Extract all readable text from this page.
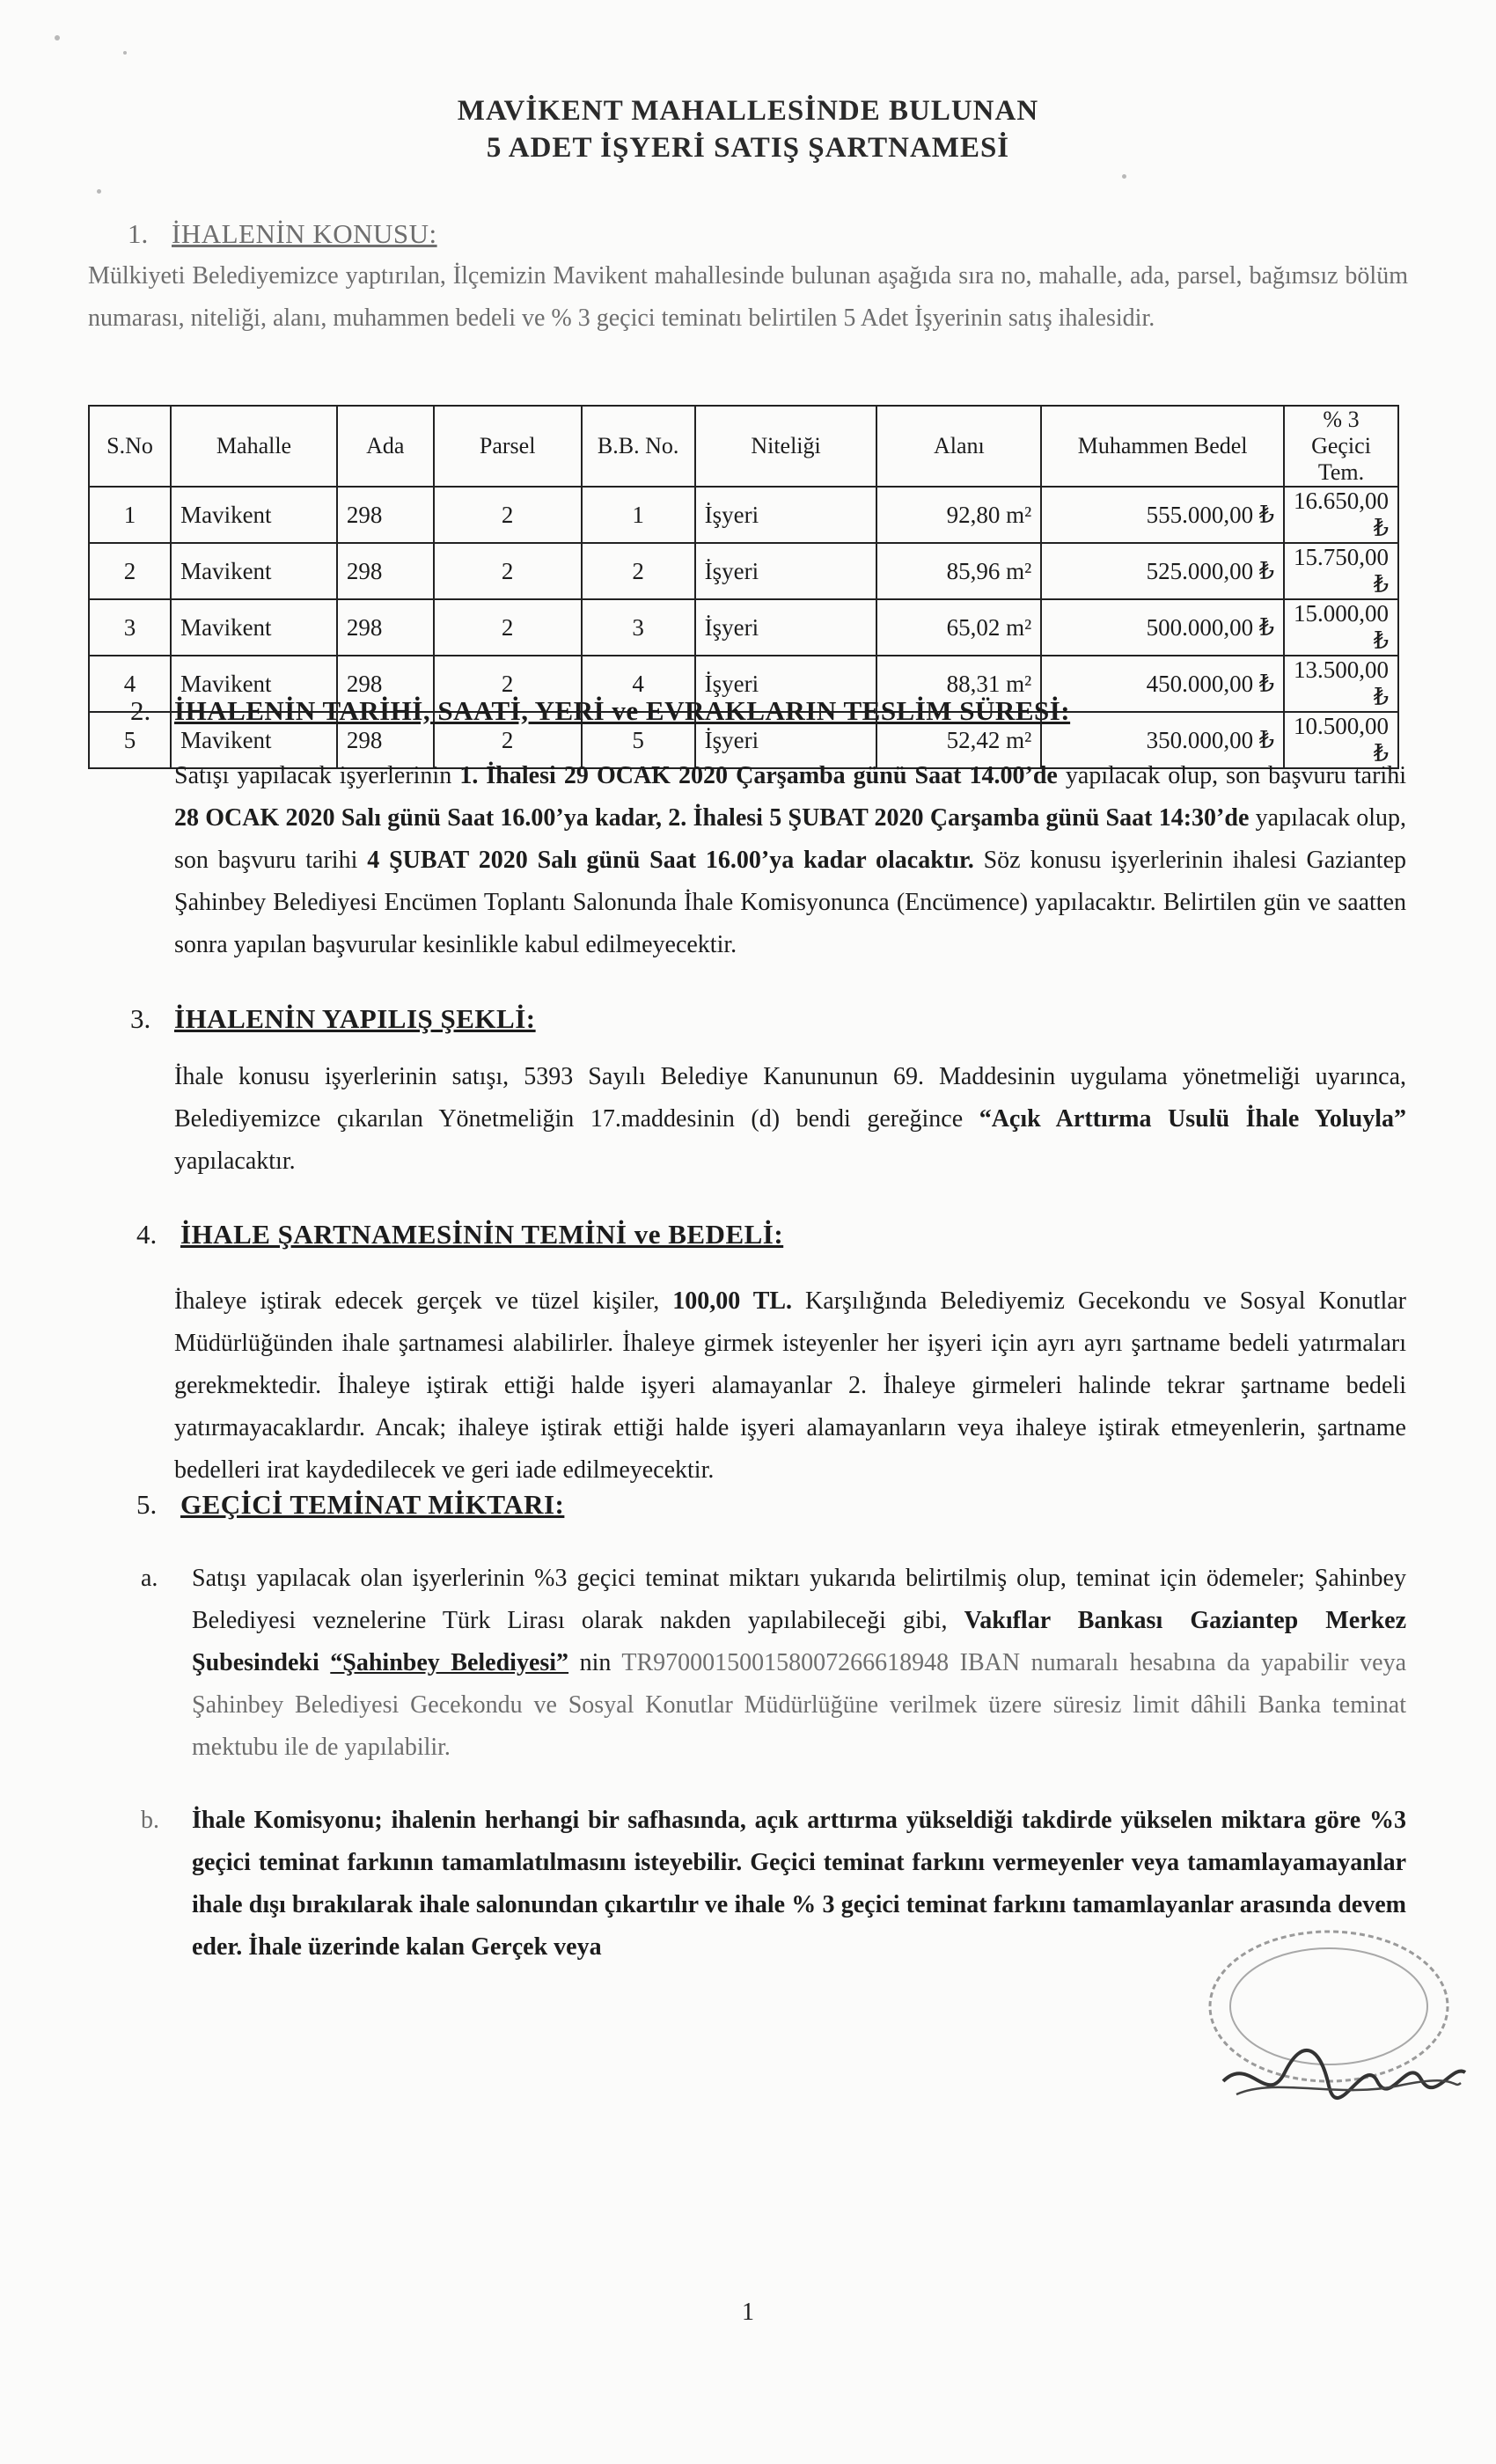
MAVİKENT MAHALLESİNDE BULUNAN
5 ADET İŞYERİ SATIŞ ŞARTNAMESİ
1. İHALENİN KONUSU:
Mülkiyeti Belediyemizce yaptırılan, İlçemizin Mavikent mahallesinde bulunan aşağıda sıra no, mahalle, ada, parsel, bağımsız bölüm numarası, niteliği, alanı, muhammen bedeli ve % 3 geçici teminatı belirtilen 5 Adet İşyerinin satış ihalesidir.
S.No	Mahalle	Ada	Parsel	B.B. No.	Niteliği	Alanı	Muhammen Bedel	% 3 Geçici Tem.
1	Mavikent	298	2	1	İşyeri	92,80 m²	555.000,00 ₺	16.650,00 ₺
2	Mavikent	298	2	2	İşyeri	85,96 m²	525.000,00 ₺	15.750,00 ₺
3	Mavikent	298	2	3	İşyeri	65,02 m²	500.000,00 ₺	15.000,00 ₺
4	Mavikent	298	2	4	İşyeri	88,31 m²	450.000,00 ₺	13.500,00 ₺
5	Mavikent	298	2	5	İşyeri	52,42 m²	350.000,00 ₺	10.500,00 ₺
2. İHALENİN TARİHİ, SAATİ, YERİ ve EVRAKLARIN TESLİM SÜRESİ:
Satışı yapılacak işyerlerinin 1. İhalesi 29 OCAK 2020 Çarşamba günü Saat 14.00’de yapılacak olup, son başvuru tarihi 28 OCAK 2020 Salı günü Saat 16.00’ya kadar, 2. İhalesi 5 ŞUBAT 2020 Çarşamba günü Saat 14:30’de yapılacak olup, son başvuru tarihi 4 ŞUBAT 2020 Salı günü Saat 16.00’ya kadar olacaktır. Söz konusu işyerlerinin ihalesi Gaziantep Şahinbey Belediyesi Encümen Toplantı Salonunda İhale Komisyonunca (Encümence) yapılacaktır. Belirtilen gün ve saatten sonra yapılan başvurular kesinlikle kabul edilmeyecektir.
3. İHALENİN YAPILIŞ ŞEKLİ:
İhale konusu işyerlerinin satışı, 5393 Sayılı Belediye Kanununun 69. Maddesinin uygulama yönetmeliği uyarınca, Belediyemizce çıkarılan Yönetmeliğin 17.maddesinin (d) bendi gereğince “Açık Arttırma Usulü İhale Yoluyla” yapılacaktır.
4. İHALE ŞARTNAMESİNİN TEMİNİ ve BEDELİ:
İhaleye iştirak edecek gerçek ve tüzel kişiler, 100,00 TL. Karşılığında Belediyemiz Gecekondu ve Sosyal Konutlar Müdürlüğünden ihale şartnamesi alabilirler. İhaleye girmek isteyenler her işyeri için ayrı ayrı şartname bedeli yatırmaları gerekmektedir. İhaleye iştirak ettiği halde işyeri alamayanlar 2. İhaleye girmeleri halinde tekrar şartname bedeli yatırmayacaklardır. Ancak; ihaleye iştirak ettiği halde işyeri alamayanların veya ihaleye iştirak etmeyenlerin, şartname bedelleri irat kaydedilecek ve geri iade edilmeyecektir.
5. GEÇİCİ TEMİNAT MİKTARI:
a. Satışı yapılacak olan işyerlerinin %3 geçici teminat miktarı yukarıda belirtilmiş olup, teminat için ödemeler; Şahinbey Belediyesi veznelerine Türk Lirası olarak nakden yapılabileceği gibi, Vakıflar Bankası Gaziantep Merkez Şubesindeki “Şahinbey Belediyesi” nin TR970001500158007266618948 IBAN numaralı hesabına da yapabilir veya Şahinbey Belediyesi Gecekondu ve Sosyal Konutlar Müdürlüğüne verilmek üzere süresiz limit dâhili Banka teminat mektubu ile de yapılabilir.
b. İhale Komisyonu; ihalenin herhangi bir safhasında, açık arttırma yükseldiği takdirde yükselen miktara göre %3 geçici teminat farkının tamamlatılmasını isteyebilir. Geçici teminat farkını vermeyenler veya tamamlayamayanlar ihale dışı bırakılarak ihale salonundan çıkartılır ve ihale % 3 geçici teminat farkını tamamlayanlar arasında devem eder. İhale üzerinde kalan Gerçek veya
1
